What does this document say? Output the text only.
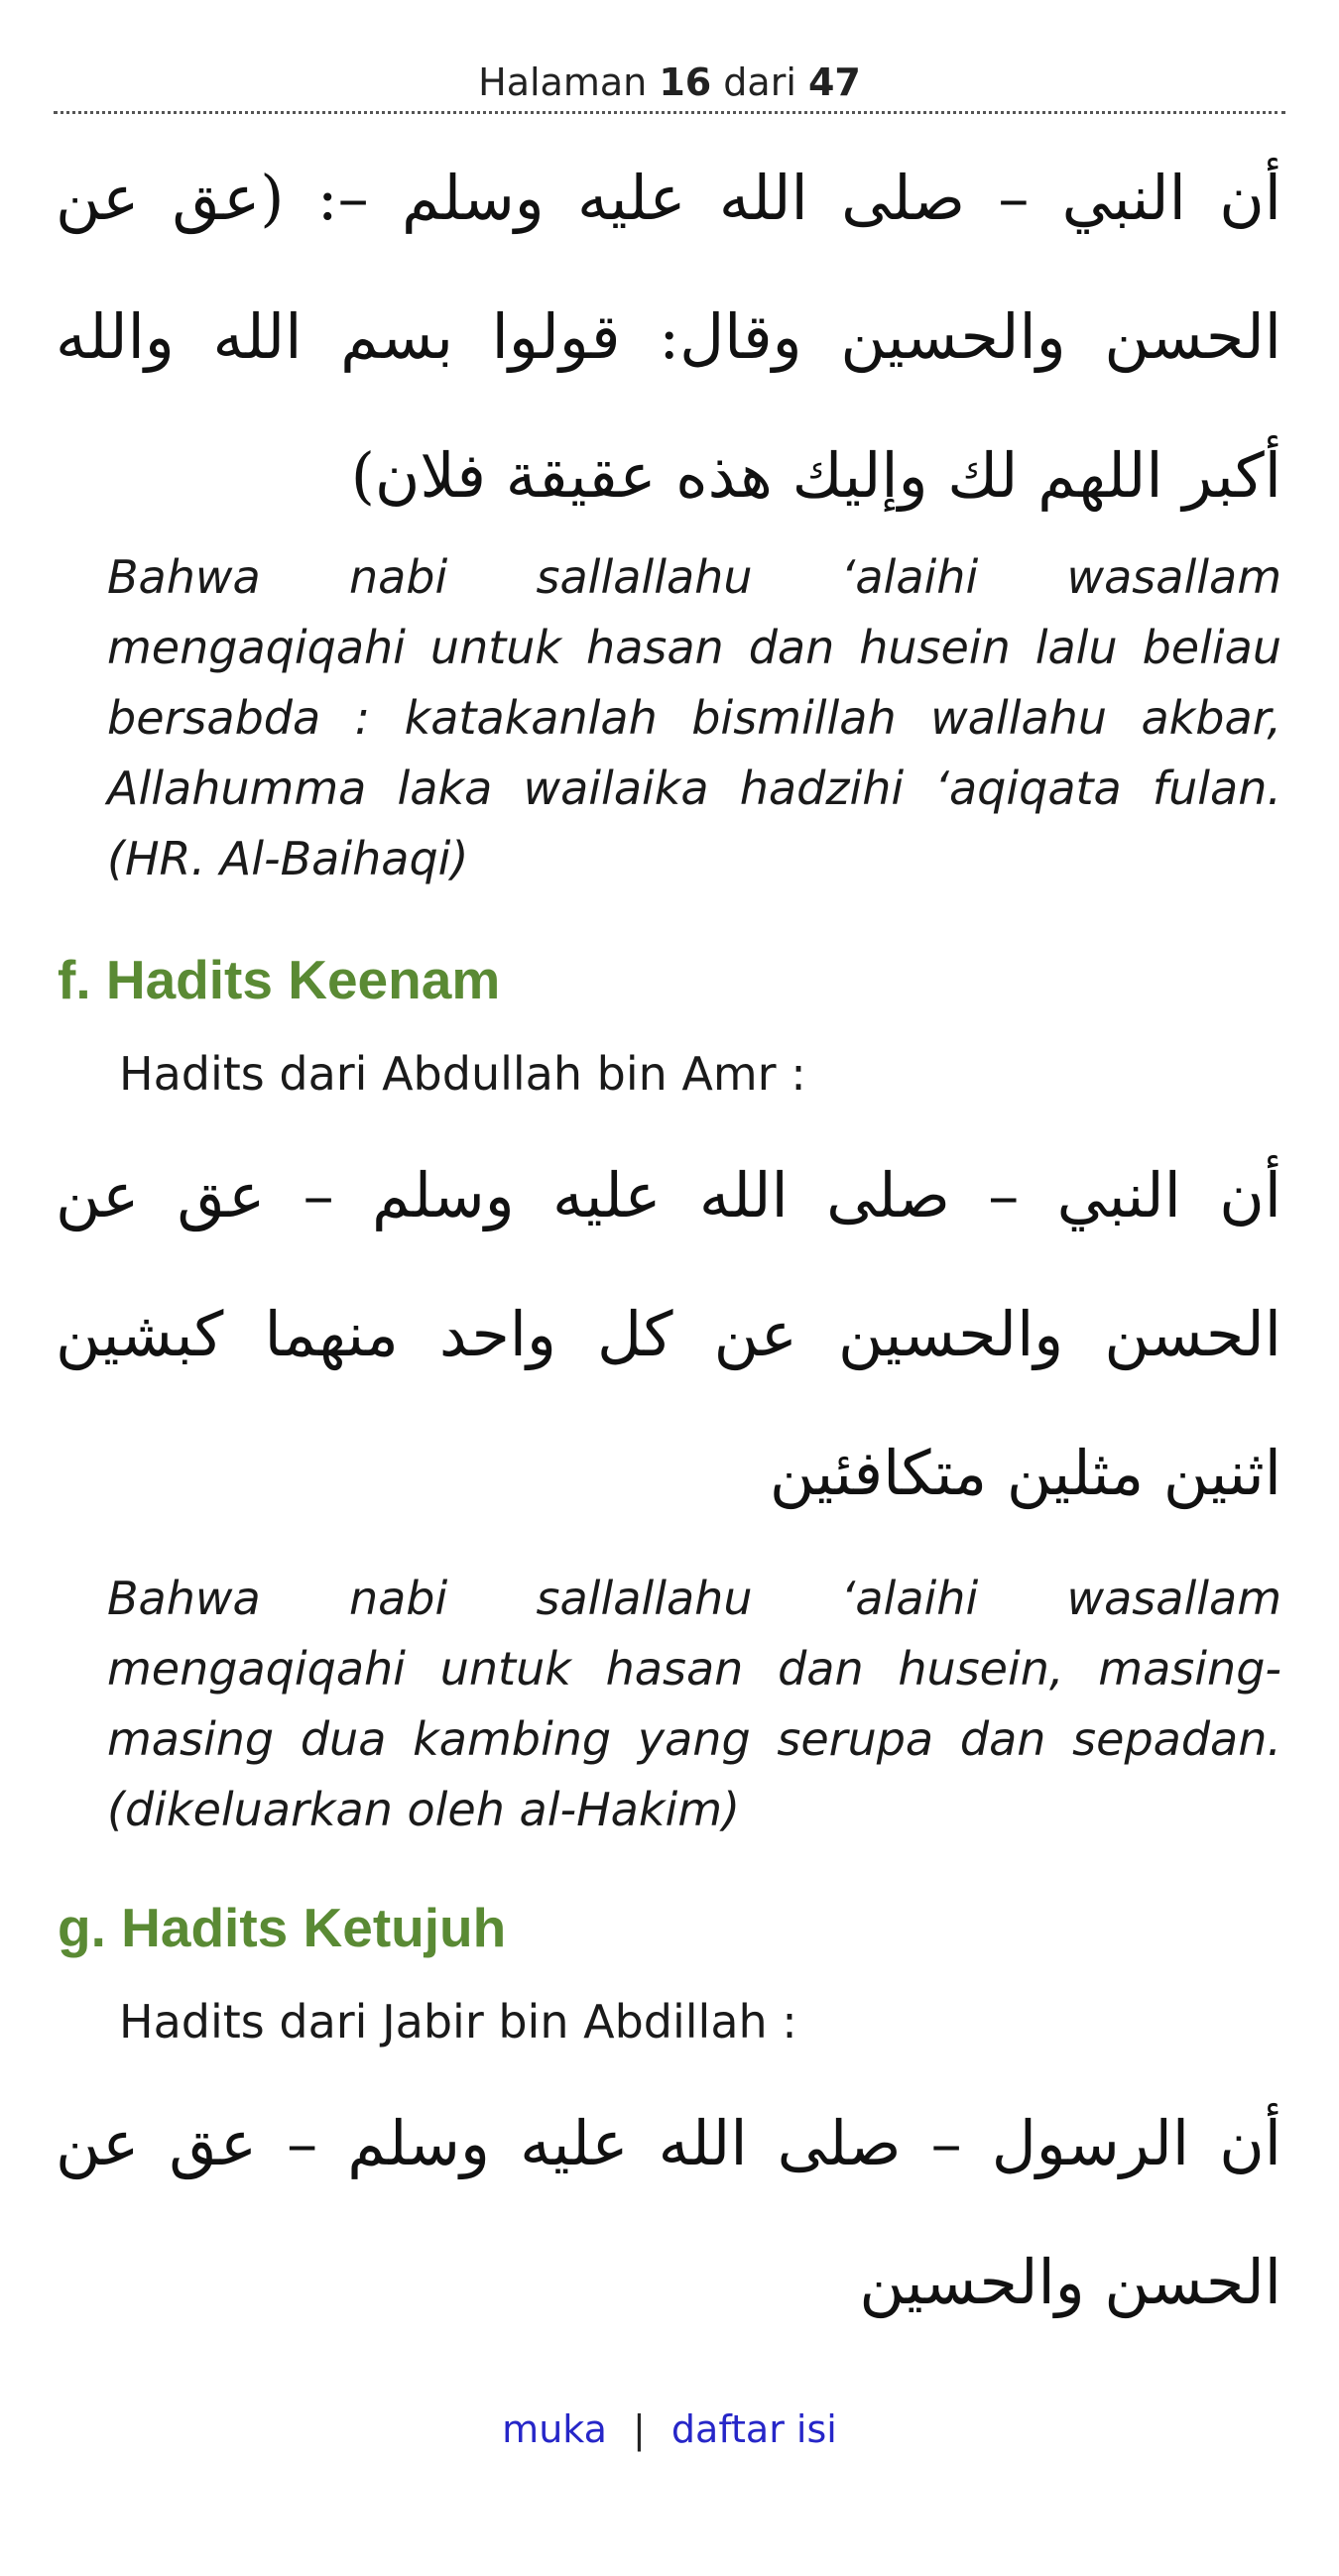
Halaman 16 dari 47
أن النبي – صلى الله عليه وسلم –: (عق عن الحسن والحسين وقال: قولوا بسم الله والله أكبر اللهم لك وإليك هذه عقيقة فلان)
Bahwa nabi sallallahu ‘alaihi wasallam mengaqiqahi untuk hasan dan husein lalu beliau bersabda : katakanlah bismillah wallahu akbar, Allahumma laka wailaika hadzihi ‘aqiqata fulan. (HR. Al-Baihaqi)
f. Hadits Keenam
Hadits dari Abdullah bin Amr :
أن النبي – صلى الله عليه وسلم – عق عن الحسن والحسين عن كل واحد منهما كبشين اثنين مثلين متكافئين
Bahwa nabi sallallahu ‘alaihi wasallam mengaqiqahi untuk hasan dan husein, masing-masing dua kambing yang serupa dan sepadan. (dikeluarkan oleh al-Hakim)
g. Hadits Ketujuh
Hadits dari Jabir bin Abdillah :
أن الرسول – صلى الله عليه وسلم – عق عن الحسن والحسين
muka | daftar isi
